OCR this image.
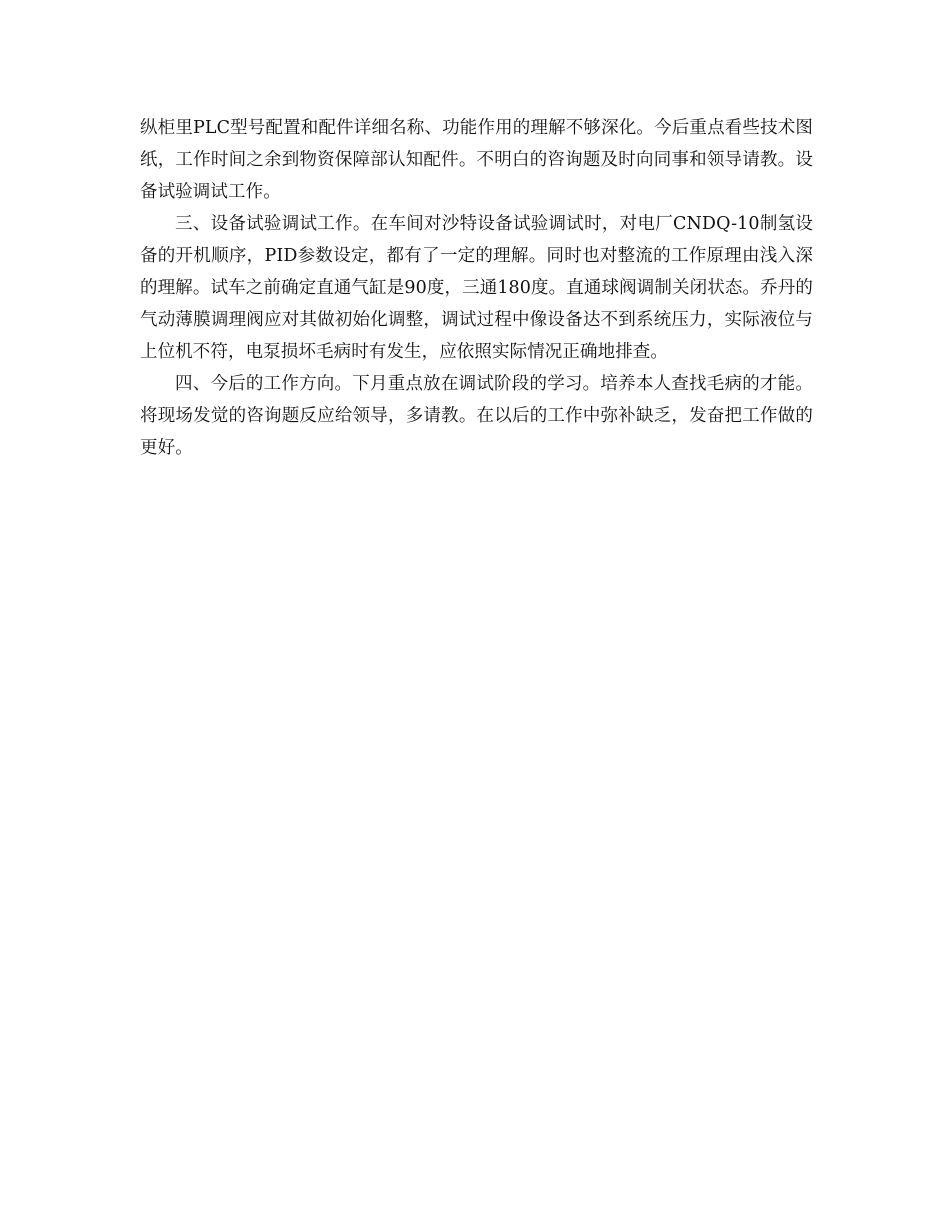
纵柜里PLC型号配置和配件详细名称、功能作用的理解不够深化。今后重点看些技术图纸，工作时间之余到物资保障部认知配件。不明白的咨询题及时向同事和领导请教。设备试验调试工作。

三、设备试验调试工作。在车间对沙特设备试验调试时，对电厂CNDQ-10制氢设备的开机顺序，PID参数设定，都有了一定的理解。同时也对整流的工作原理由浅入深的理解。试车之前确定直通气缸是90度，三通180度。直通球阀调制关闭状态。乔丹的气动薄膜调理阀应对其做初始化调整，调试过程中像设备达不到系统压力，实际液位与上位机不符，电泵损坏毛病时有发生，应依照实际情况正确地排查。

四、今后的工作方向。下月重点放在调试阶段的学习。培养本人查找毛病的才能。将现场发觉的咨询题反应给领导，多请教。在以后的工作中弥补缺乏，发奋把工作做的更好。
